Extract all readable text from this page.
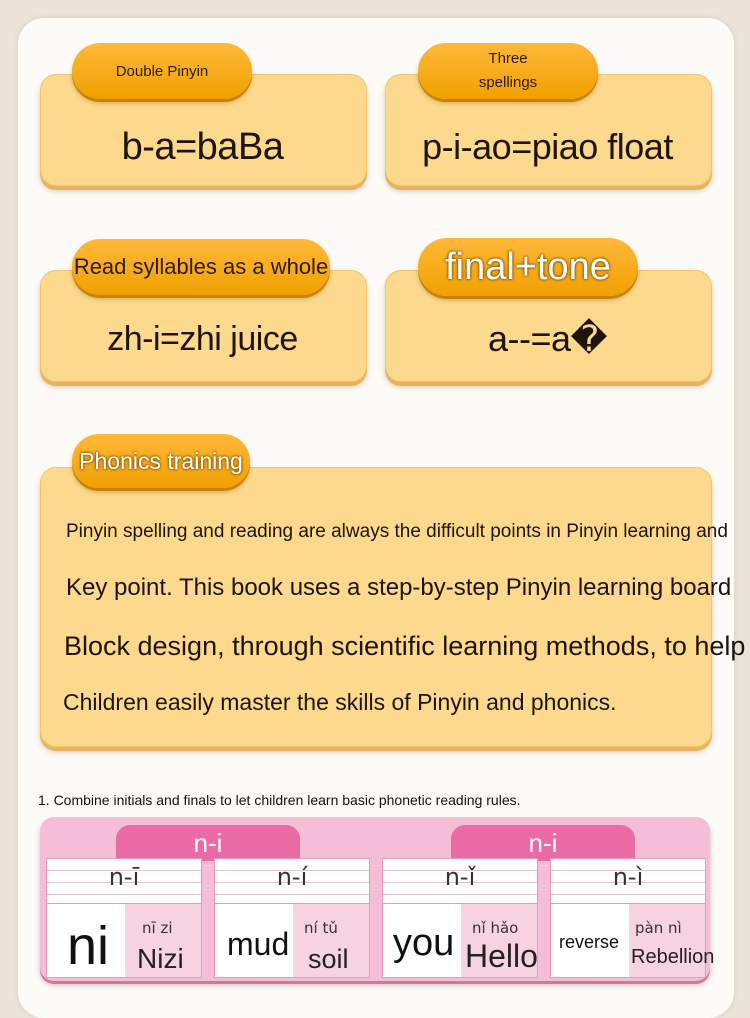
Double Pinyin
b-a=baBa
Three spellings
p-i-ao=piao float
Read syllables as a whole
zh-i=zhi juice
final+tone
a--=a�
Phonics training
Pinyin spelling and reading are always the difficult points in Pinyin learning and
Key point. This book uses a step-by-step Pinyin learning board
Block design, through scientific learning methods, to help
Children easily master the skills of Pinyin and phonics.
1. Combine initials and finals to let children learn basic phonetic reading rules.
n-i	n-i
n-ī
ni nī zi
Nizi
n-í
mud ní tǔ
soil
n-ǐ
you nǐ hǎo
Hello
n-ì
reverse
pàn nì
Rebellion
